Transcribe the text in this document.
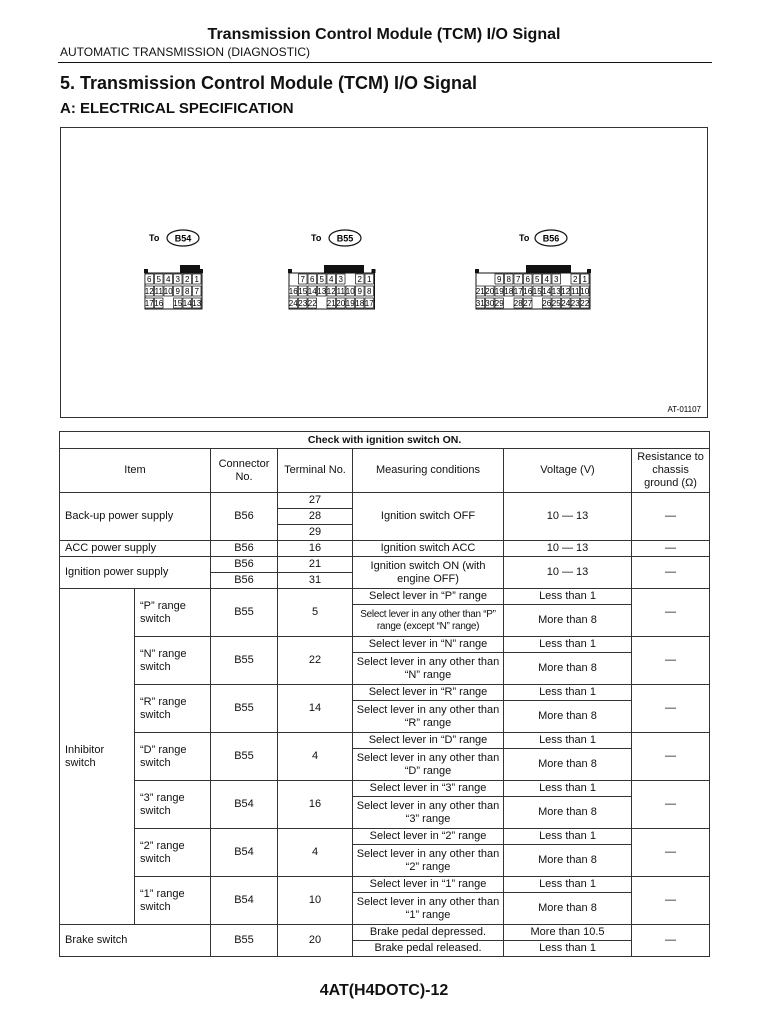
Transmission Control Module (TCM) I/O Signal
AUTOMATIC TRANSMISSION (DIAGNOSTIC)
5. Transmission Control Module (TCM) I/O Signal
A: ELECTRICAL SPECIFICATION
To B54
6 5 4 3 2 1
12 11 10 9 8 7
17 16 15 14 13
To B55
7 6 5 4 3 2 1
16 15 14 13 12 11 10 9 8
24 23 22 21 20 19 18 17
To B56
9 8 7 6 5 4 3 2 1
21 20 19 18 17 16 15 14 13 12 11 10
31 30 29 28 27 26 25 24 23 22
AT-01107
Check with ignition switch ON.						
Item		Connector No.	Terminal No.	Measuring conditions	Voltage (V)	Resistance to chassis ground (Ω)
Back-up power supply		B56	27	Ignition switch OFF	10 — 13	—
			28			
			29			
ACC power supply		B56	16	Ignition switch ACC	10 — 13	—
Ignition power supply		B56	21	Ignition switch ON (with engine OFF)	10 — 13	—
		B56	31			
Inhibitor switch	“P” range switch	B55	5	Select lever in “P” range	Less than 1	—
				Select lever in any other than “P” range (except “N” range)	More than 8	
	“N” range switch	B55	22	Select lever in “N” range	Less than 1	—
				Select lever in any other than “N” range	More than 8	
	“R” range switch	B55	14	Select lever in “R” range	Less than 1	—
				Select lever in any other than “R” range	More than 8	
	“D” range switch	B55	4	Select lever in “D” range	Less than 1	—
				Select lever in any other than “D” range	More than 8	
	“3” range switch	B54	16	Select lever in “3” range	Less than 1	—
				Select lever in any other than “3” range	More than 8	
	“2” range switch	B54	4	Select lever in “2” range	Less than 1	—
				Select lever in any other than “2” range	More than 8	
	“1” range switch	B54	10	Select lever in “1” range	Less than 1	—
				Select lever in any other than “1” range	More than 8	
Brake switch		B55	20	Brake pedal depressed.	More than 10.5	—
				Brake pedal released.	Less than 1	
4AT(H4DOTC)-12
